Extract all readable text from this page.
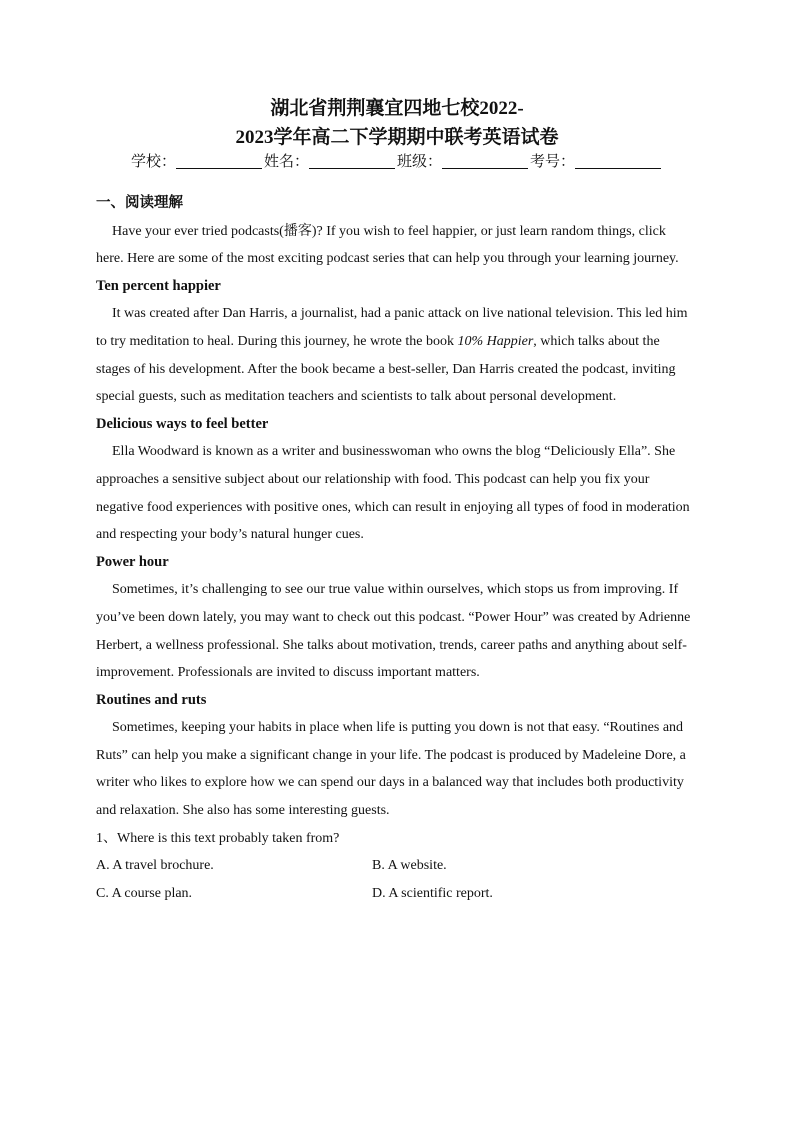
湖北省荆荆襄宜四地七校2022-
2023学年高二下学期期中联考英语试卷
学校：	姓名：	班级：	考号：

一、阅读理解

Have your ever tried podcasts(播客)? If you wish to feel happier, or just learn random things, click here. Here are some of the most exciting podcast series that can help you through your learning journey.

Ten percent happier

It was created after Dan Harris, a journalist, had a panic attack on live national television. This led him to try meditation to heal. During this journey, he wrote the book 10% Happier, which talks about the stages of his development. After the book became a best-seller, Dan Harris created the podcast, inviting special guests, such as meditation teachers and scientists to talk about personal development.

Delicious ways to feel better

Ella Woodward is known as a writer and businesswoman who owns the blog “Deliciously Ella”. She approaches a sensitive subject about our relationship with food. This podcast can help you fix your negative food experiences with positive ones, which can result in enjoying all types of food in moderation and respecting your body’s natural hunger cues.

Power hour

Sometimes, it’s challenging to see our true value within ourselves, which stops us from improving. If you’ve been down lately, you may want to check out this podcast. “Power Hour” was created by Adrienne Herbert, a wellness professional. She talks about motivation, trends, career paths and anything about self-improvement. Professionals are invited to discuss important matters.

Routines and ruts

Sometimes, keeping your habits in place when life is putting you down is not that easy. “Routines and Ruts” can help you make a significant change in your life. The podcast is produced by Madeleine Dore, a writer who likes to explore how we can spend our days in a balanced way that includes both productivity and relaxation. She also has some interesting guests.

1、Where is this text probably taken from?

A. A travel brochure.	B. A website.
C. A course plan.	D. A scientific report.
